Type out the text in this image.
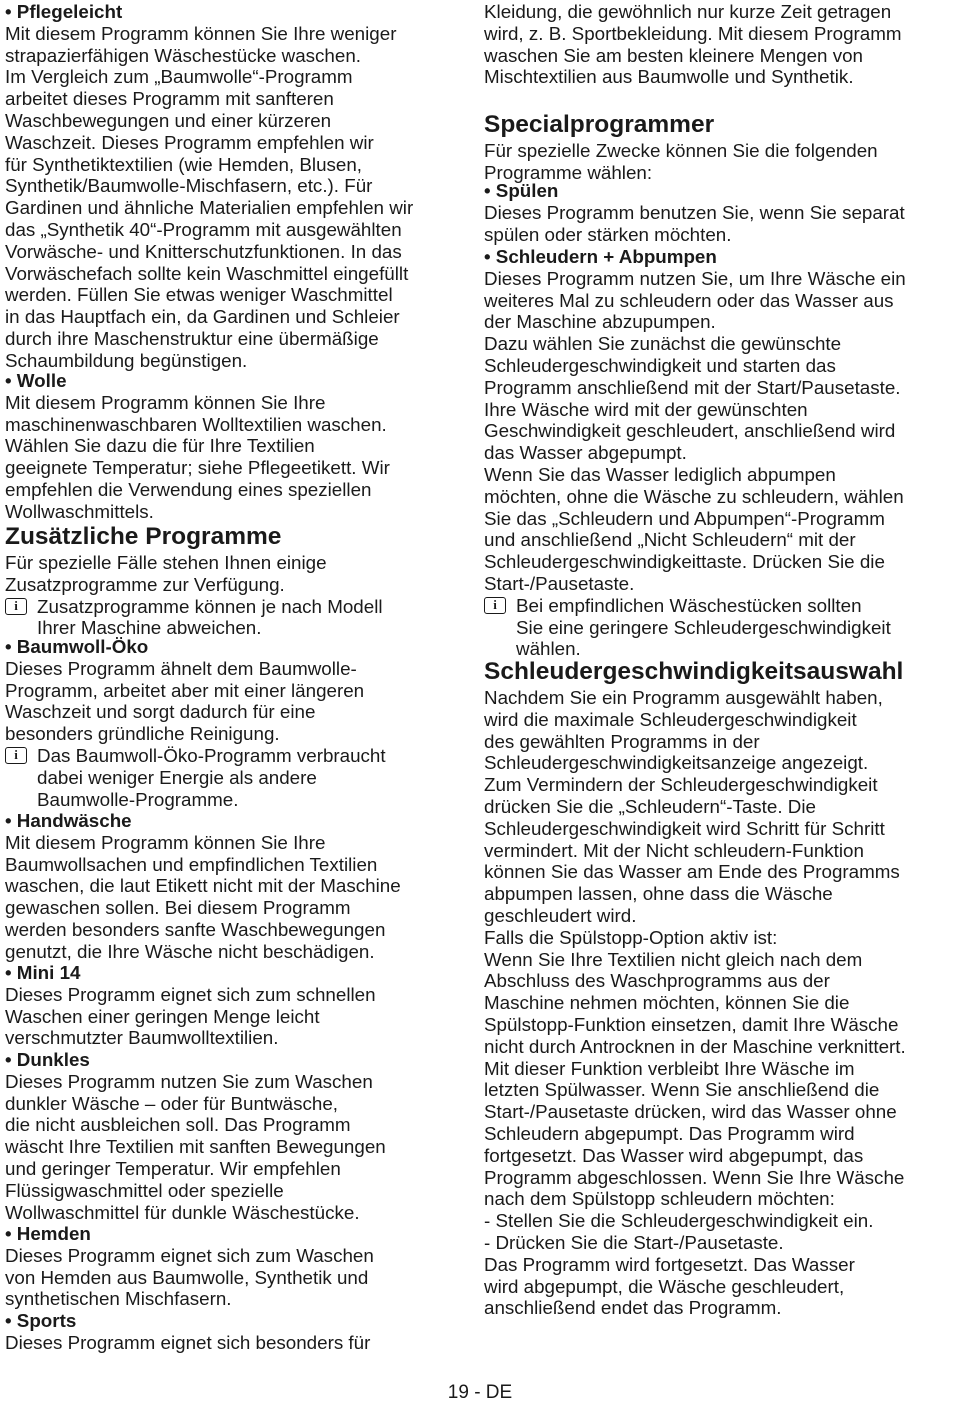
• Pflegeleicht
Mit diesem Programm können Sie Ihre weniger
strapazierfähigen Wäschestücke waschen.
Im Vergleich zum „Baumwolle“-Programm
arbeitet dieses Programm mit sanfteren
Waschbewegungen und einer kürzeren
Waschzeit. Dieses Programm empfehlen wir
für Synthetiktextilien (wie Hemden, Blusen,
Synthetik/Baumwolle-Mischfasern, etc.). Für
Gardinen und ähnliche Materialien empfehlen wir
das „Synthetik 40“-Programm mit ausgewählten
Vorwäsche- und Knitterschutzfunktionen. In das
Vorwäschefach sollte kein Waschmittel eingefüllt
werden. Füllen Sie etwas weniger Waschmittel
in das Hauptfach ein, da Gardinen und Schleier
durch ihre Maschenstruktur eine übermäßige
Schaumbildung begünstigen.
• Wolle
Mit diesem Programm können Sie Ihre
maschinenwaschbaren Wolltextilien waschen.
Wählen Sie dazu die für Ihre Textilien
geeignete Temperatur; siehe Pflegeetikett. Wir
empfehlen die Verwendung eines speziellen
Wollwaschmittels.
Zusätzliche Programme
Für spezielle Fälle stehen Ihnen einige
Zusatzprogramme zur Verfügung.
i	Zusatzprogramme können je nach Modell
Ihrer Maschine abweichen.
• Baumwoll-Öko
Dieses Programm ähnelt dem Baumwolle-
Programm, arbeitet aber mit einer längeren
Waschzeit und sorgt dadurch für eine
besonders gründliche Reinigung.
i	Das Baumwoll-Öko-Programm verbraucht
dabei weniger Energie als andere
Baumwolle-Programme.
• Handwäsche
Mit diesem Programm können Sie Ihre
Baumwollsachen und empfindlichen Textilien
waschen, die laut Etikett nicht mit der Maschine
gewaschen sollen. Bei diesem Programm
werden besonders sanfte Waschbewegungen
genutzt, die Ihre Wäsche nicht beschädigen.
• Mini 14
Dieses Programm eignet sich zum schnellen
Waschen einer geringen Menge leicht
verschmutzter Baumwolltextilien.
• Dunkles
Dieses Programm nutzen Sie zum Waschen
dunkler Wäsche – oder für Buntwäsche,
die nicht ausbleichen soll. Das Programm
wäscht Ihre Textilien mit sanften Bewegungen
und geringer Temperatur. Wir empfehlen
Flüssigwaschmittel oder spezielle
Wollwaschmittel für dunkle Wäschestücke.
• Hemden
Dieses Programm eignet sich zum Waschen
von Hemden aus Baumwolle, Synthetik und
synthetischen Mischfasern.
• Sports
Dieses Programm eignet sich besonders für
Kleidung, die gewöhnlich nur kurze Zeit getragen
wird, z. B. Sportbekleidung. Mit diesem Programm
waschen Sie am besten kleinere Mengen von
Mischtextilien aus Baumwolle und Synthetik.
Specialprogrammer
Für spezielle Zwecke können Sie die folgenden
Programme wählen:
• Spülen
Dieses Programm benutzen Sie, wenn Sie separat
spülen oder stärken möchten.
• Schleudern + Abpumpen
Dieses Programm nutzen Sie, um Ihre Wäsche ein
weiteres Mal zu schleudern oder das Wasser aus
der Maschine abzupumpen.
Dazu wählen Sie zunächst die gewünschte
Schleudergeschwindigkeit und starten das
Programm anschließend mit der Start/Pausetaste.
Ihre Wäsche wird mit der gewünschten
Geschwindigkeit geschleudert, anschließend wird
das Wasser abgepumpt.
Wenn Sie das Wasser lediglich abpumpen
möchten, ohne die Wäsche zu schleudern, wählen
Sie das „Schleudern und Abpumpen“-Programm
und anschließend „Nicht Schleudern“ mit der
Schleudergeschwindigkeittaste. Drücken Sie die
Start-/Pausetaste.
i	Bei empfindlichen Wäschestücken sollten
Sie eine geringere Schleudergeschwindigkeit
wählen.
Schleudergeschwindigkeitsauswahl
Nachdem Sie ein Programm ausgewählt haben,
wird die maximale Schleudergeschwindigkeit
des gewählten Programms in der
Schleudergeschwindigkeitsanzeige angezeigt.
Zum Vermindern der Schleudergeschwindigkeit
drücken Sie die „Schleudern“-Taste. Die
Schleudergeschwindigkeit wird Schritt für Schritt
vermindert. Mit der Nicht schleudern-Funktion
können Sie das Wasser am Ende des Programms
abpumpen lassen, ohne dass die Wäsche
geschleudert wird.
Falls die Spülstopp-Option aktiv ist:
Wenn Sie Ihre Textilien nicht gleich nach dem
Abschluss des Waschprogramms aus der
Maschine nehmen möchten, können Sie die
Spülstopp-Funktion einsetzen, damit Ihre Wäsche
nicht durch Antrocknen in der Maschine verknittert.
Mit dieser Funktion verbleibt Ihre Wäsche im
letzten Spülwasser. Wenn Sie anschließend die
Start-/Pausetaste drücken, wird das Wasser ohne
Schleudern abgepumpt. Das Programm wird
fortgesetzt. Das Wasser wird abgepumpt, das
Programm abgeschlossen. Wenn Sie Ihre Wäsche
nach dem Spülstopp schleudern möchten:
- Stellen Sie die Schleudergeschwindigkeit ein.
- Drücken Sie die Start-/Pausetaste.
Das Programm wird fortgesetzt. Das Wasser
wird abgepumpt, die Wäsche geschleudert,
anschließend endet das Programm.
19 - DE
